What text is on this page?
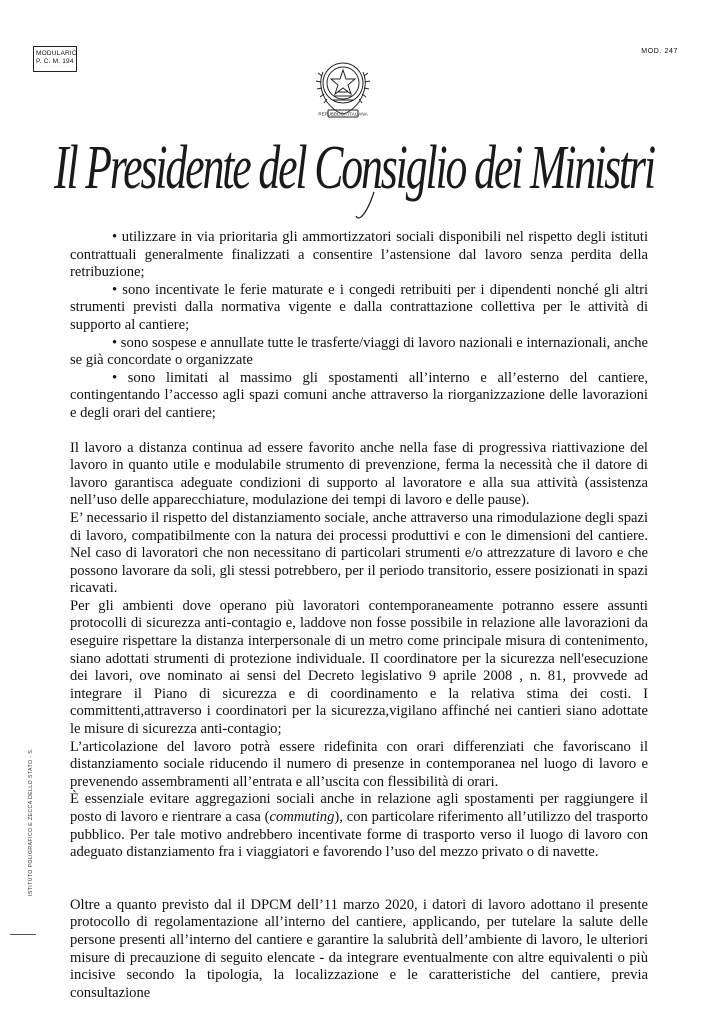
MODULARIO
P. C. M. 194
MOD. 247
REPUBBLICA ITALIANA
Il Presidente del Consiglio dei Ministri

• utilizzare in via prioritaria gli ammortizzatori sociali disponibili nel rispetto degli istituti contrattuali generalmente finalizzati a consentire l’astensione dal lavoro senza perdita della retribuzione;

• sono incentivate le ferie maturate e i congedi retribuiti per i dipendenti nonché gli altri strumenti previsti dalla normativa vigente e dalla contrattazione collettiva per le attività di supporto al cantiere;

• sono sospese e annullate tutte le trasferte/viaggi di lavoro nazionali e internazionali, anche se già concordate o organizzate

• sono limitati al massimo gli spostamenti all’interno e all’esterno del cantiere, contingentando l’accesso agli spazi comuni anche attraverso la riorganizzazione delle lavorazioni e degli orari del cantiere;

Il lavoro a distanza continua ad essere favorito anche nella fase di progressiva riattivazione del lavoro in quanto utile e modulabile strumento di prevenzione, ferma la necessità che il datore di lavoro garantisca adeguate condizioni di supporto al lavoratore e alla sua attività (assistenza nell’uso delle apparecchiature, modulazione dei tempi di lavoro e delle pause).

E’ necessario il rispetto del distanziamento sociale, anche attraverso una rimodulazione degli spazi di lavoro, compatibilmente con la natura dei processi produttivi e con le dimensioni del cantiere. Nel caso di lavoratori che non necessitano di particolari strumenti e/o attrezzature di lavoro e che possono lavorare da soli, gli stessi potrebbero, per il periodo transitorio, essere posizionati in spazi ricavati.

Per gli ambienti dove operano più lavoratori contemporaneamente potranno essere assunti protocolli di sicurezza anti-contagio e, laddove non fosse possibile in relazione alle lavorazioni da eseguire rispettare la distanza interpersonale di un metro come principale misura di contenimento, siano adottati strumenti di protezione individuale. Il coordinatore per la sicurezza nell'esecuzione dei lavori, ove nominato ai sensi del Decreto legislativo 9 aprile 2008 , n. 81, provvede ad integrare il Piano di sicurezza e di coordinamento e la relativa stima dei costi. I committenti,attraverso i coordinatori per la sicurezza,vigilano affinché nei cantieri siano adottate le misure di sicurezza anti-contagio;

L’articolazione del lavoro potrà essere ridefinita con orari differenziati che favoriscano il distanziamento sociale riducendo il numero di presenze in contemporanea nel luogo di lavoro e prevenendo assembramenti all’entrata e all’uscita con flessibilità di orari.

È essenziale evitare aggregazioni sociali anche in relazione agli spostamenti per raggiungere il posto di lavoro e rientrare a casa (commuting), con particolare riferimento all’utilizzo del trasporto pubblico. Per tale motivo andrebbero incentivate forme di trasporto verso il luogo di lavoro con adeguato distanziamento fra i viaggiatori e favorendo l’uso del mezzo privato o di navette.

Oltre a quanto previsto dal il DPCM dell’11 marzo 2020, i datori di lavoro adottano il presente protocollo di regolamentazione all’interno del cantiere, applicando, per tutelare la salute delle persone presenti all’interno del cantiere e garantire la salubrità dell’ambiente di lavoro, le ulteriori misure di precauzione di seguito elencate - da integrare eventualmente con altre equivalenti o più incisive secondo la tipologia, la localizzazione e le caratteristiche del cantiere, previa consultazione

ISTITUTO POLIGRAFICO E ZECCA DELLO STATO - S.
